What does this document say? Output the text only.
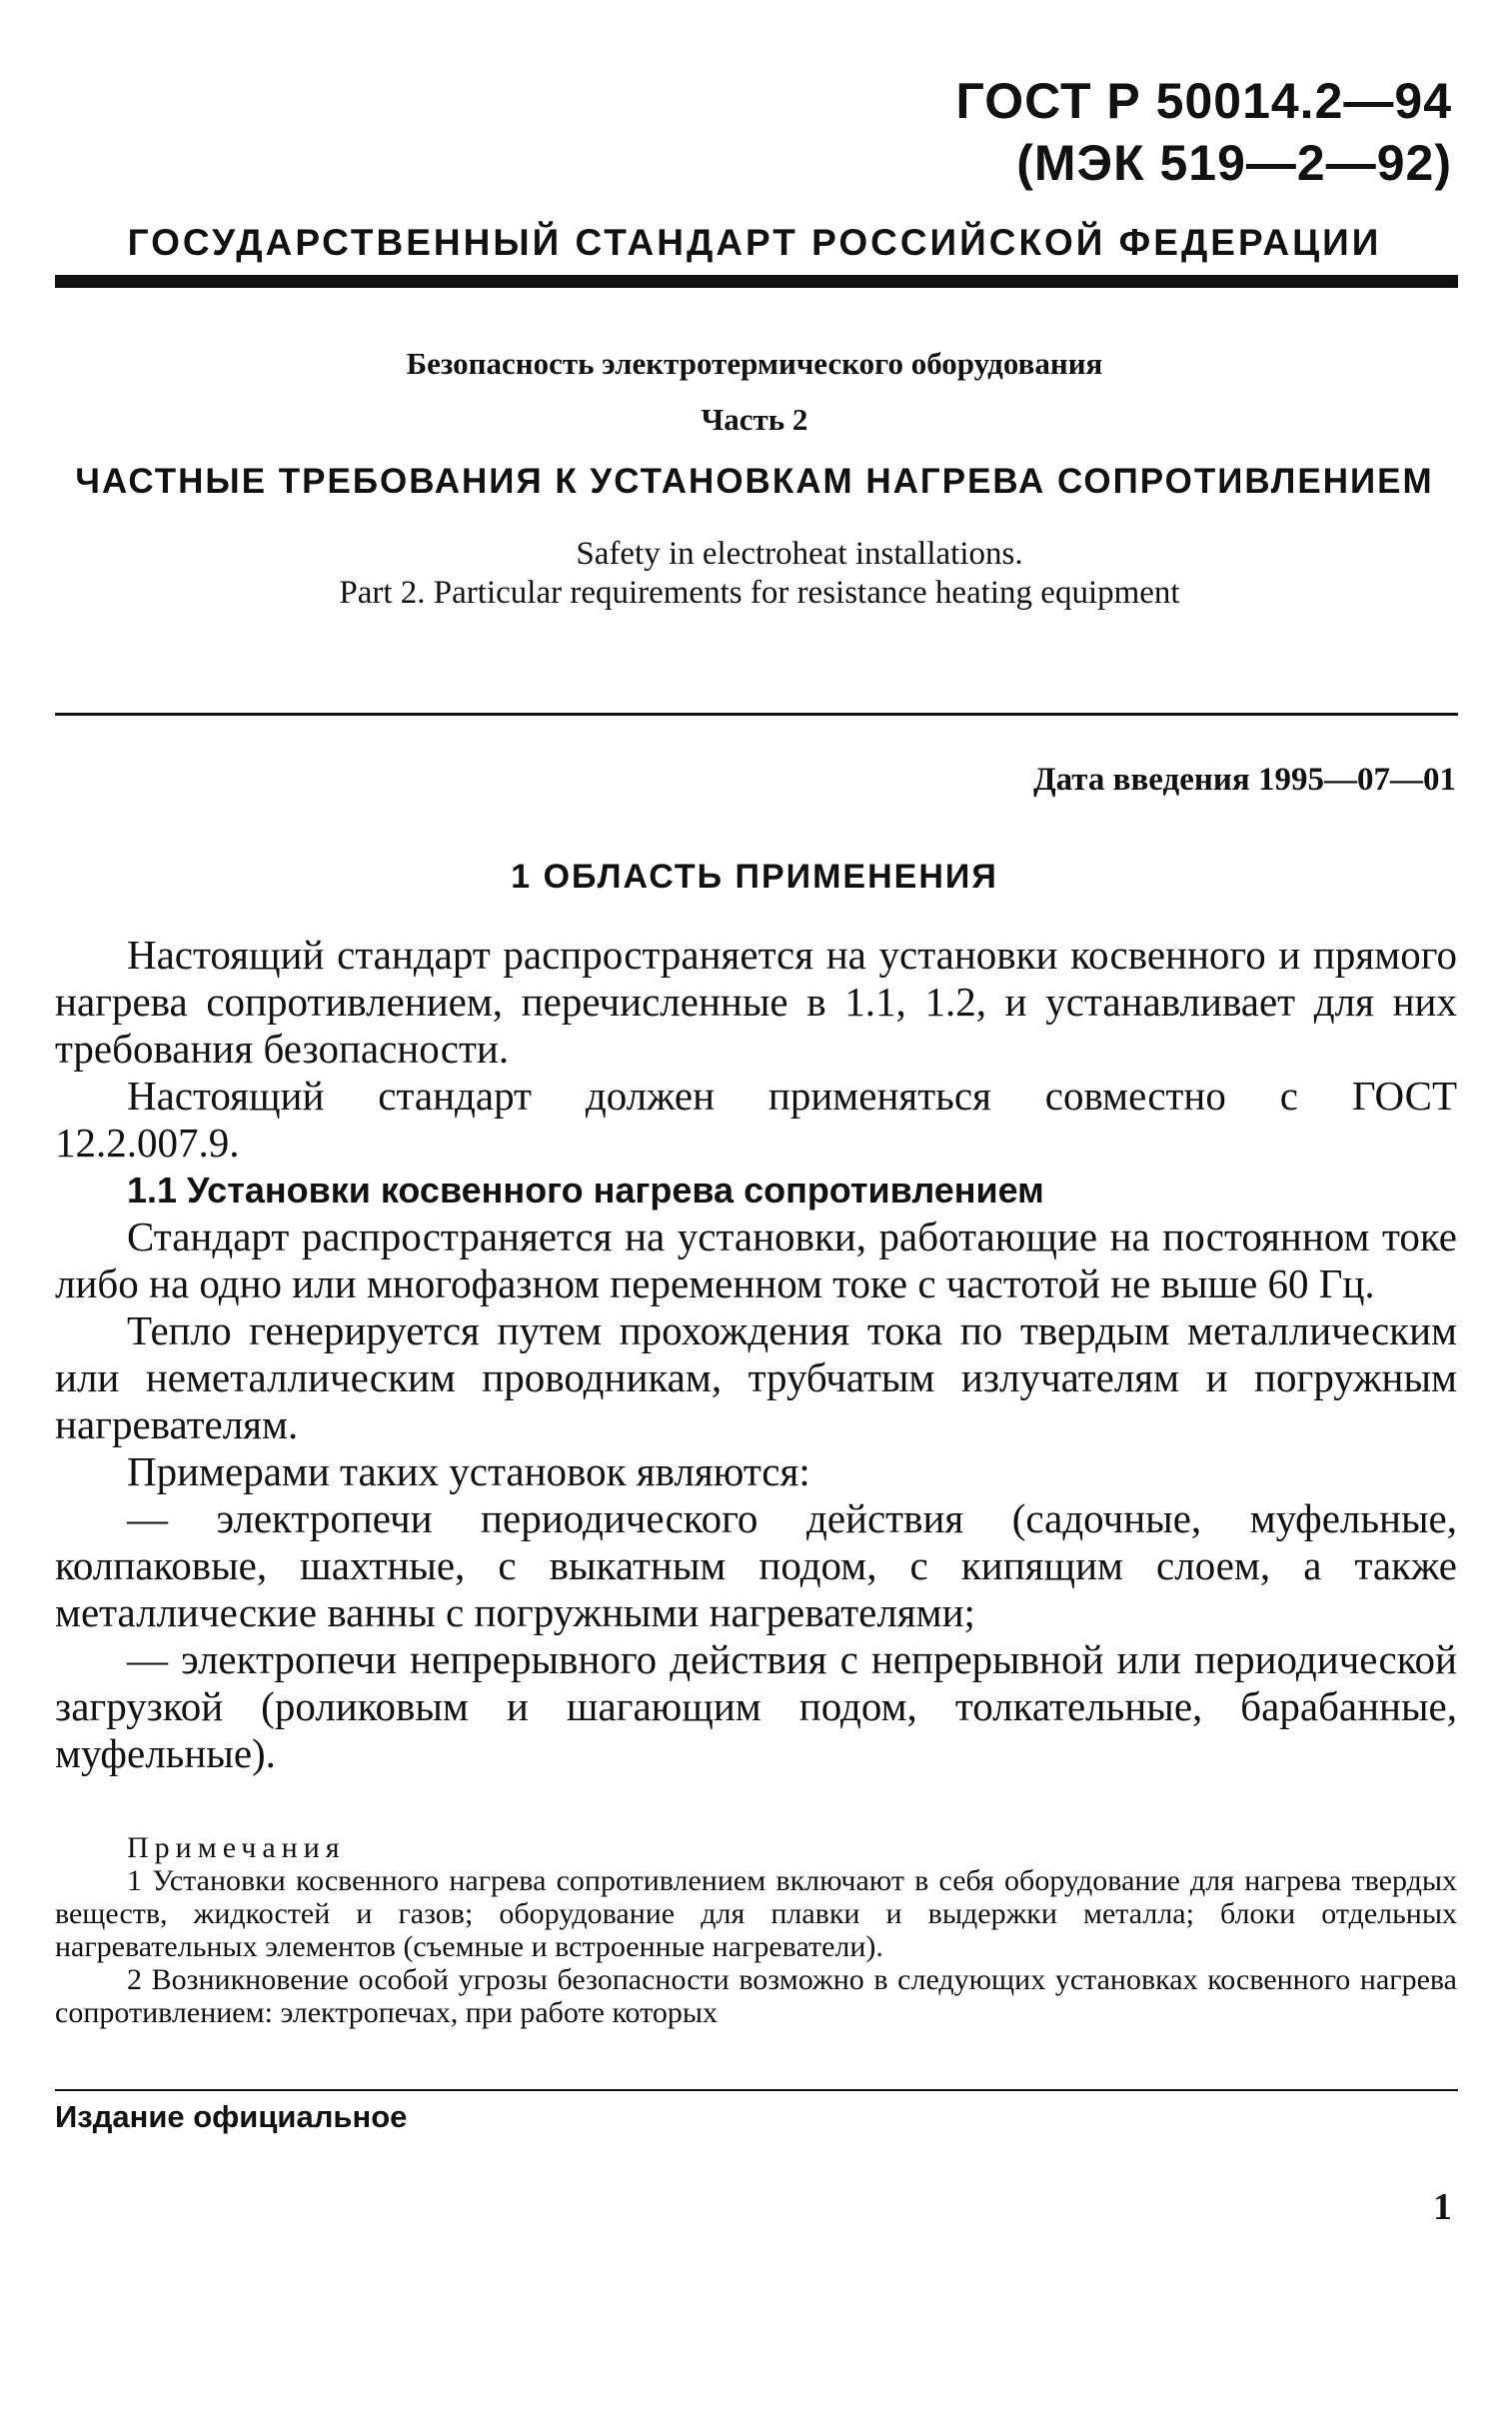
ГОСТ Р 50014.2—94
(МЭК 519—2—92)
ГОСУДАРСТВЕННЫЙ СТАНДАРТ РОССИЙСКОЙ ФЕДЕРАЦИИ
Безопасность электротермического оборудования
Часть 2
ЧАСТНЫЕ ТРЕБОВАНИЯ К УСТАНОВКАМ НАГРЕВА СОПРОТИВЛЕНИЕМ
Safety in electroheat installations.
Part 2. Particular requirements for resistance heating equipment
Дата введения 1995—07—01
1 ОБЛАСТЬ ПРИМЕНЕНИЯ

Настоящий стандарт распространяется на установки косвенного и прямого нагрева сопротивлением, перечисленные в 1.1, 1.2, и устанавливает для них требования безопасности.

Настоящий стандарт должен применяться совместно с ГОСТ

12.2.007.9.

1.1 Установки косвенного нагрева сопротивлением

Стандарт распространяется на установки, работающие на постоянном токе либо на одно или многофазном переменном токе с частотой не выше 60 Гц.

Тепло генерируется путем прохождения тока по твердым металлическим или неметаллическим проводникам, трубчатым излучателям и погружным нагревателям.

Примерами таких установок являются:

— электропечи периодического действия (садочные, муфельные, колпаковые, шахтные, с выкатным подом, с кипящим слоем, а также металлические ванны с погружными нагревателями;

— электропечи непрерывного действия с непрерывной или периодической загрузкой (роликовым и шагающим подом, толкательные, барабанные, муфельные).

Примечания

1 Установки косвенного нагрева сопротивлением включают в себя оборудование для нагрева твердых веществ, жидкостей и газов; оборудование для плавки и выдержки металла; блоки отдельных нагревательных элементов (съемные и встроенные нагреватели).

2 Возникновение особой угрозы безопасности возможно в следующих установках косвенного нагрева сопротивлением: электропечах, при работе которых

Издание официальное
1
